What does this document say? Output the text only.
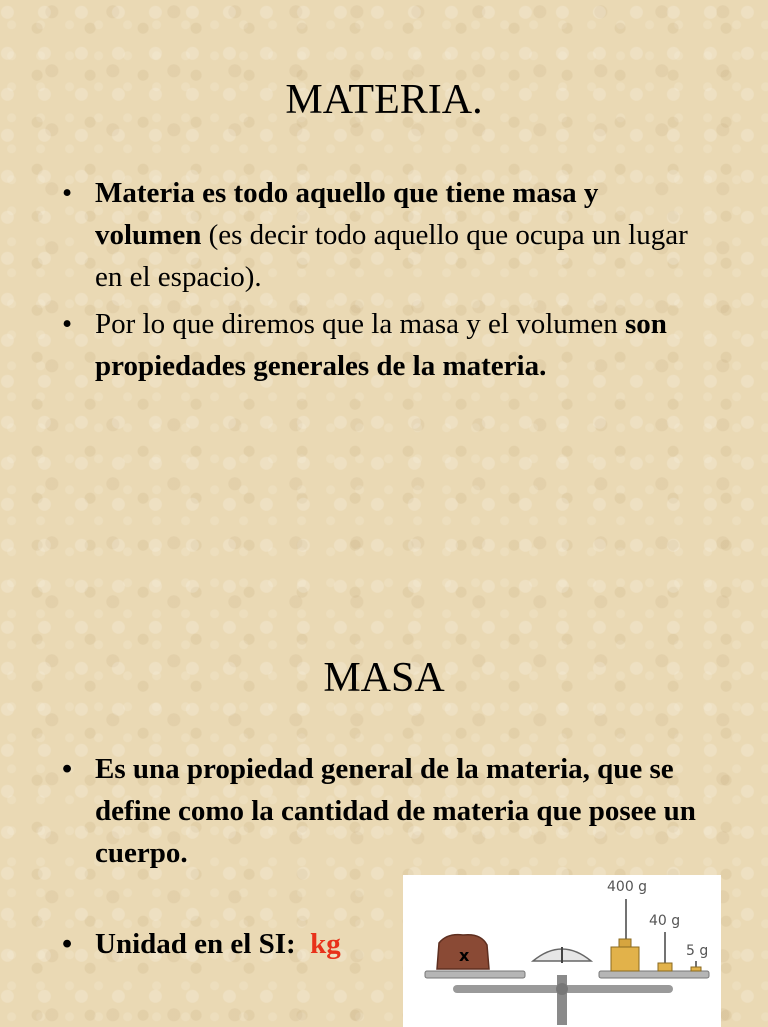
MATERIA.
• Materia es todo aquello que tiene masa y volumen (es decir todo aquello que ocupa un lugar en el espacio).
• Por lo que diremos que la masa y el volumen son propiedades generales de la materia.
MASA
• Es una propiedad general de la materia, que se define como la cantidad de materia que posee un cuerpo.
• Unidad en el SI: kg
400 g
40 g
5 g
x
